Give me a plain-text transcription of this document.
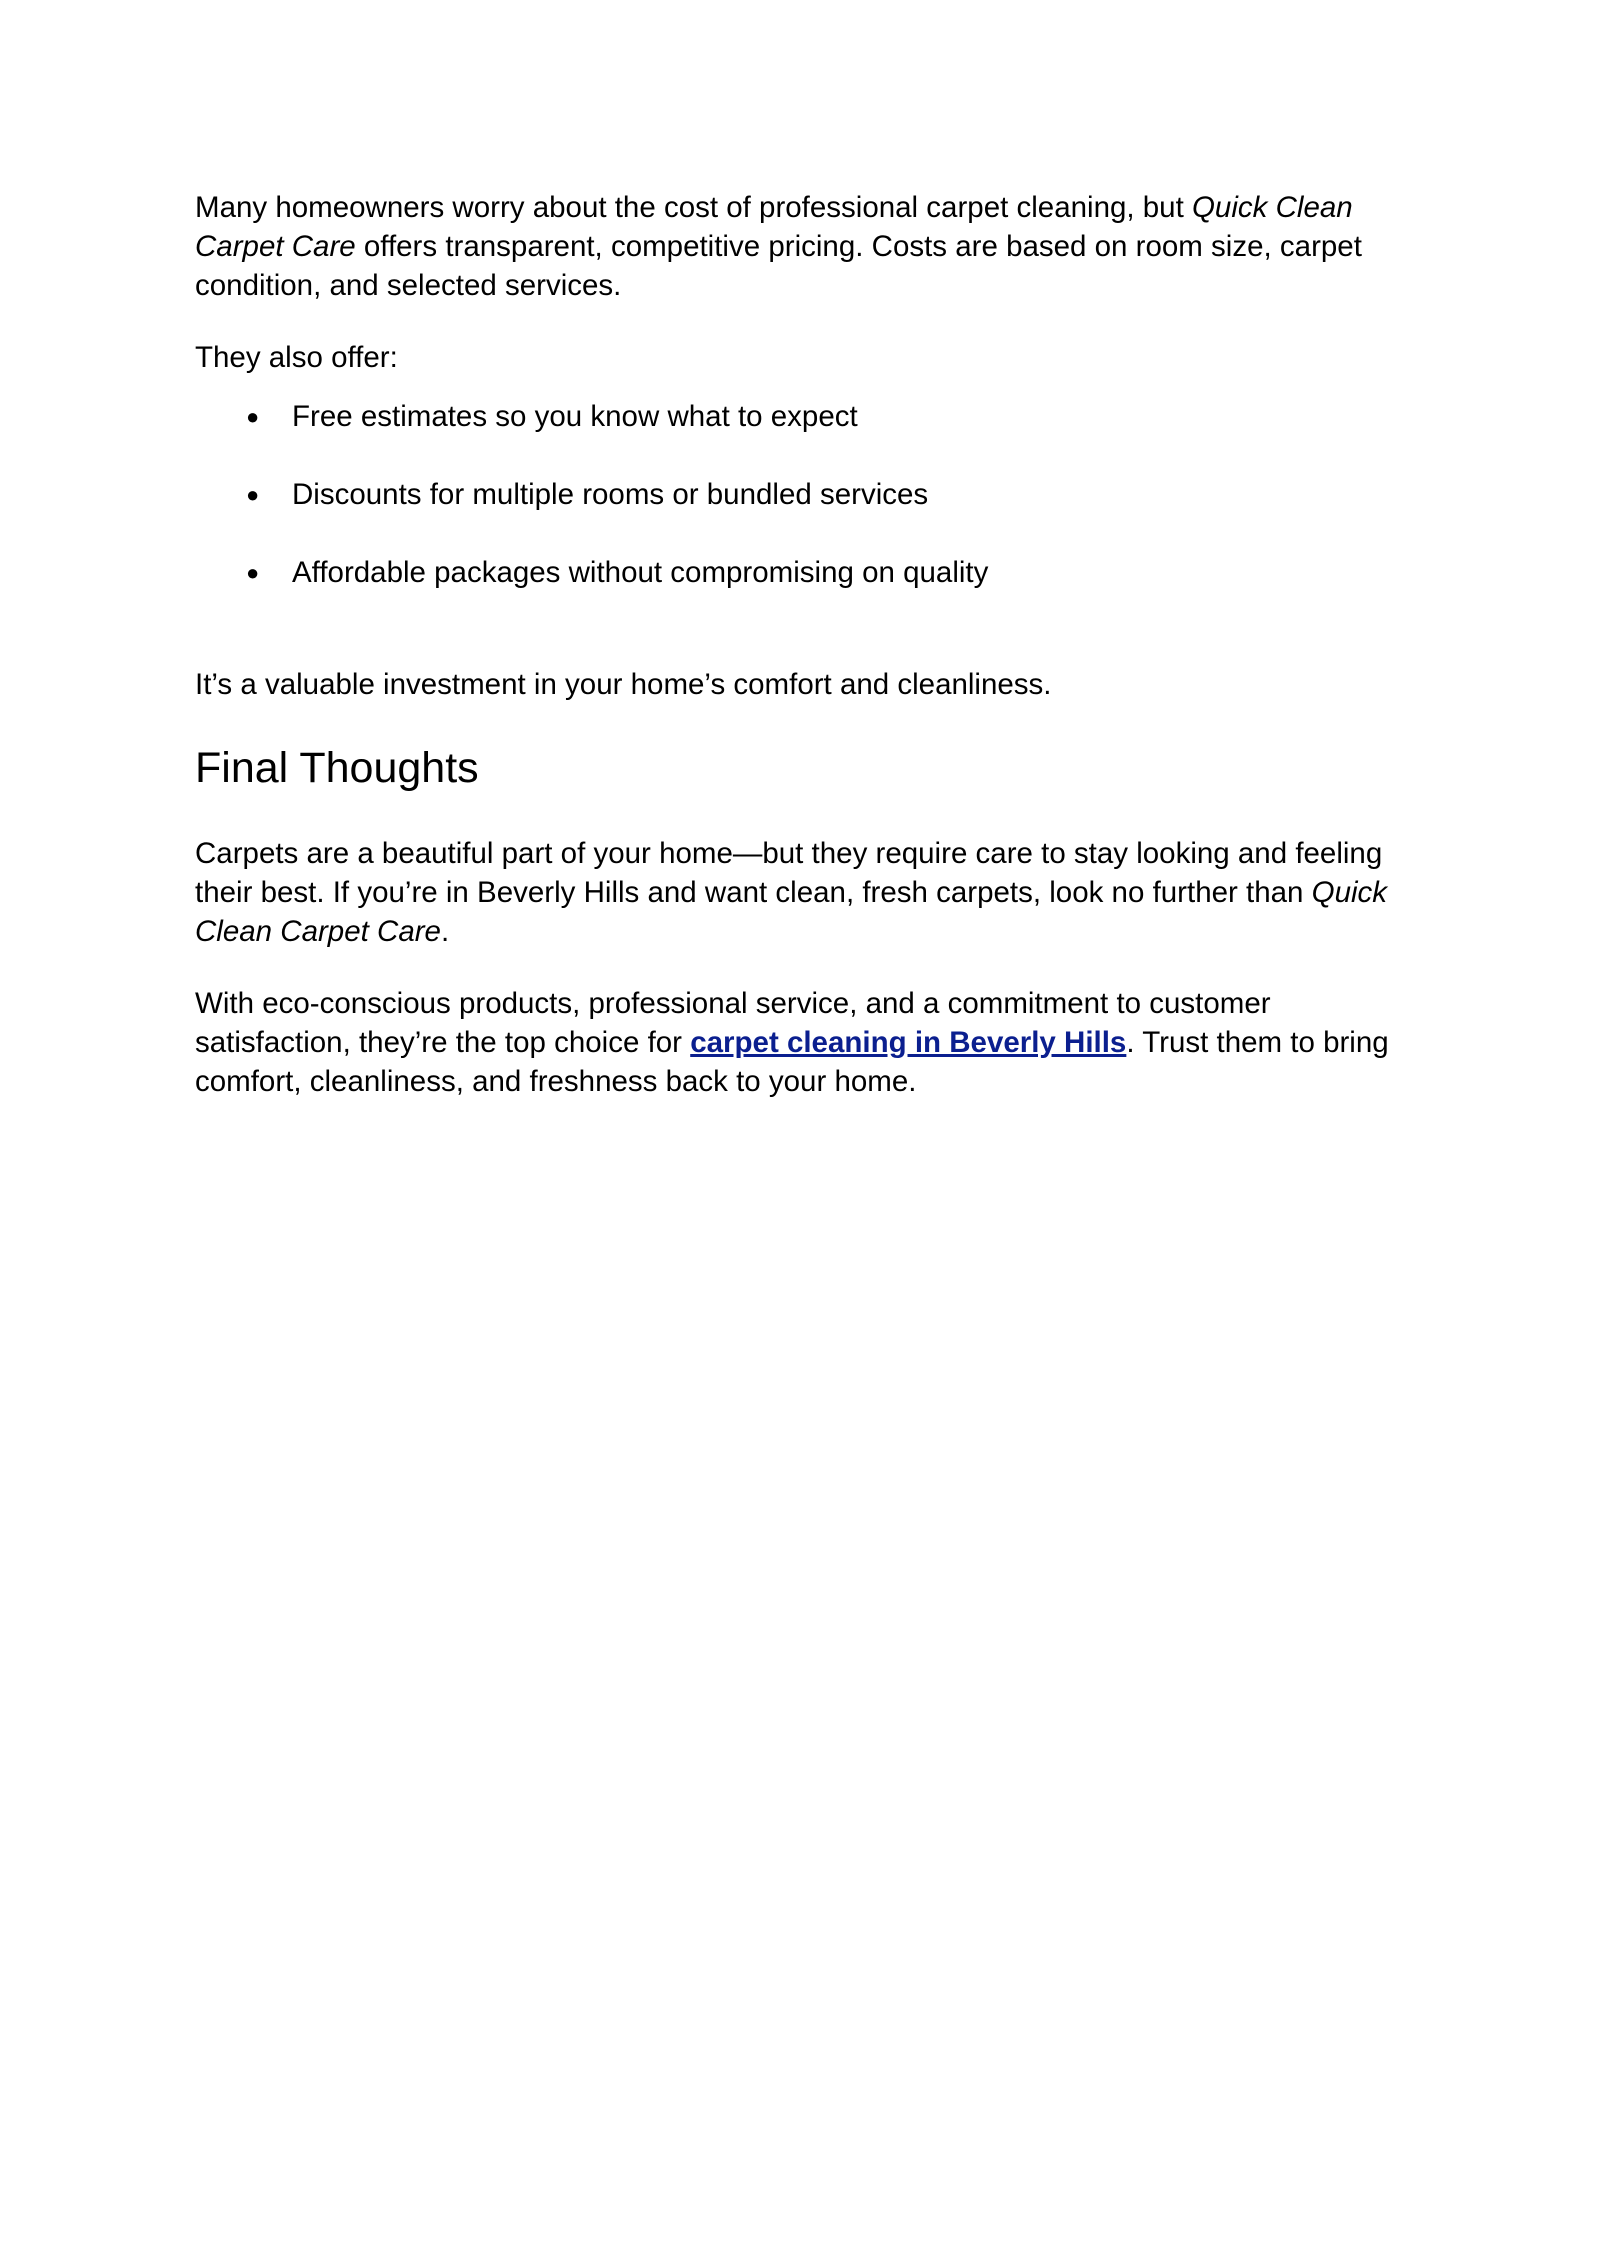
Many homeowners worry about the cost of professional carpet cleaning, but Quick Clean Carpet Care offers transparent, competitive pricing. Costs are based on room size, carpet condition, and selected services.

They also offer:

● Free estimates so you know what to expect
● Discounts for multiple rooms or bundled services
● Affordable packages without compromising on quality

It’s a valuable investment in your home’s comfort and cleanliness.

Final Thoughts

Carpets are a beautiful part of your home—but they require care to stay looking and feeling their best. If you’re in Beverly Hills and want clean, fresh carpets, look no further than Quick Clean Carpet Care.

With eco-conscious products, professional service, and a commitment to customer satisfaction, they’re the top choice for carpet cleaning in Beverly Hills. Trust them to bring comfort, cleanliness, and freshness back to your home.
